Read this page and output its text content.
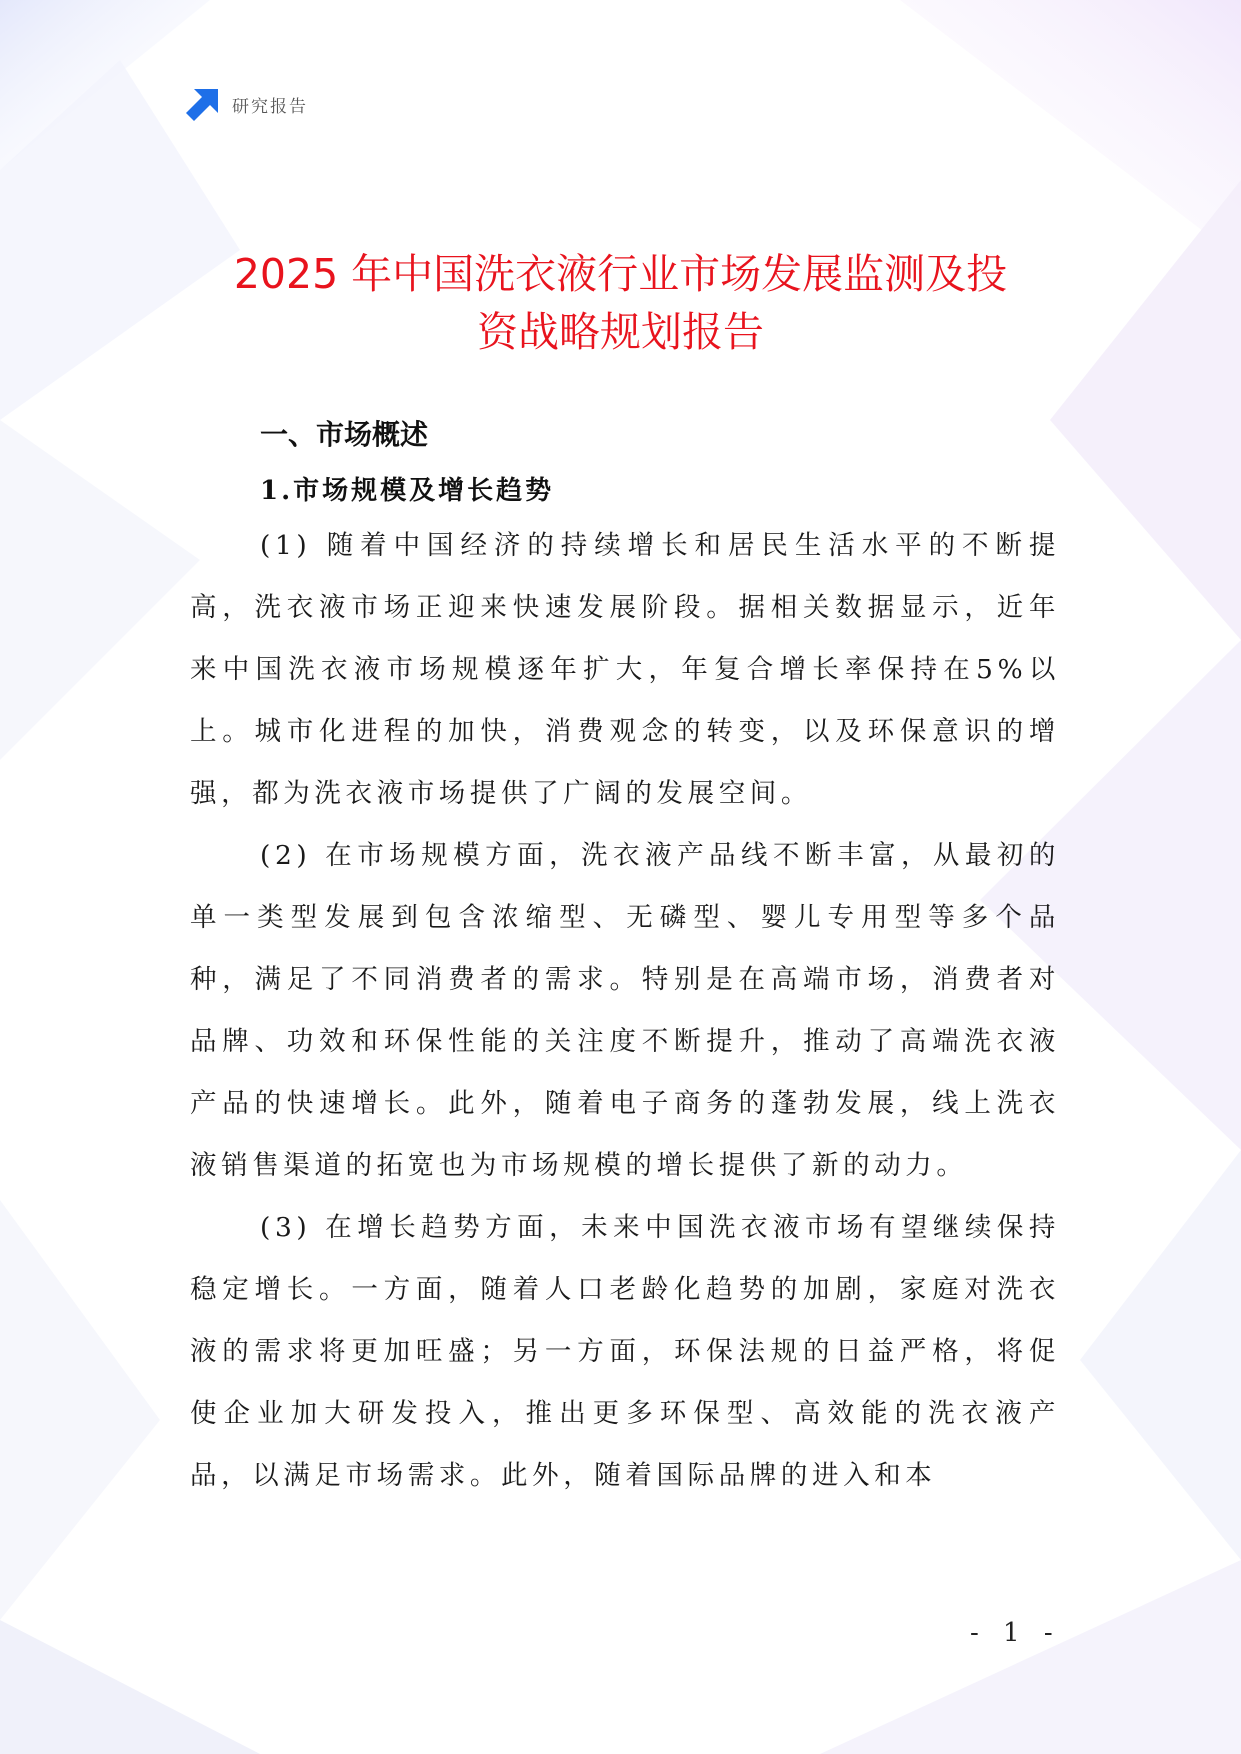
研究报告
2025 年中国洗衣液行业市场发展监测及投
资战略规划报告
一、市场概述
1.市场规模及增长趋势

(1) 随着中国经济的持续增长和居民生活水平的不断提高，洗衣液市场正迎来快速发展阶段。据相关数据显示，近年来中国洗衣液市场规模逐年扩大，年复合增长率保持在5%以上。城市化进程的加快，消费观念的转变，以及环保意识的增强，都为洗衣液市场提供了广阔的发展空间。

(2) 在市场规模方面，洗衣液产品线不断丰富，从最初的单一类型发展到包含浓缩型、无磷型、婴儿专用型等多个品种，满足了不同消费者的需求。特别是在高端市场，消费者对品牌、功效和环保性能的关注度不断提升，推动了高端洗衣液产品的快速增长。此外，随着电子商务的蓬勃发展，线上洗衣液销售渠道的拓宽也为市场规模的增长提供了新的动力。

(3) 在增长趋势方面，未来中国洗衣液市场有望继续保持稳定增长。一方面，随着人口老龄化趋势的加剧，家庭对洗衣液的需求将更加旺盛；另一方面，环保法规的日益严格，将促使企业加大研发投入，推出更多环保型、高效能的洗衣液产品，以满足市场需求。此外，随着国际品牌的进入和本

- 1 -
